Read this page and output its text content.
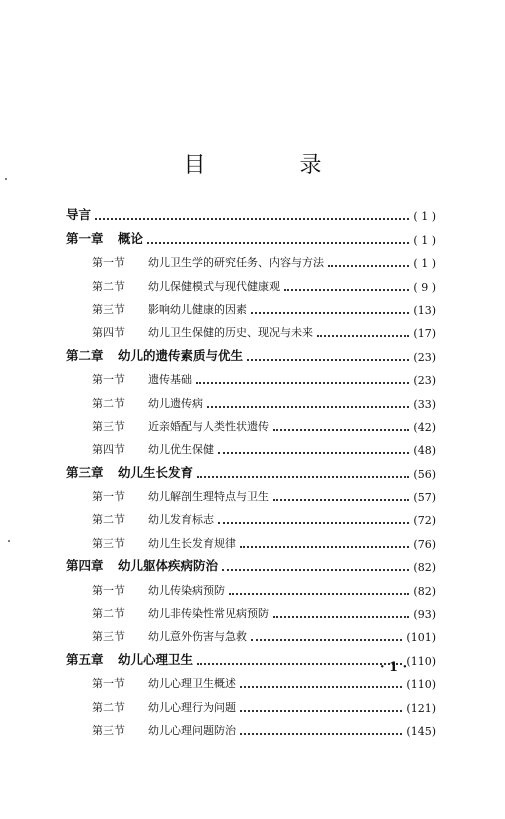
目　录
导言	( 1 )
第一章 概论	( 1 )
第一节 幼儿卫生学的研究任务、内容与方法	( 1 )
第二节 幼儿保健模式与现代健康观	( 9 )
第三节 影响幼儿健康的因素	(13)
第四节 幼儿卫生保健的历史、现况与未来	(17)
第二章 幼儿的遗传素质与优生	(23)
第一节 遗传基础	(23)
第二节 幼儿遗传病	(33)
第三节 近亲婚配与人类性状遗传	(42)
第四节 幼儿优生保健	(48)
第三章 幼儿生长发育	(56)
第一节 幼儿解剖生理特点与卫生	(57)
第二节 幼儿发育标志	(72)
第三节 幼儿生长发育规律	(76)
第四章 幼儿躯体疾病防治	(82)
第一节 幼儿传染病预防	(82)
第二节 幼儿非传染性常见病预防	(93)
第三节 幼儿意外伤害与急救	(101)
第五章 幼儿心理卫生	(110)
第一节 幼儿心理卫生概述	(110)
第二节 幼儿心理行为问题	(121)
第三节 幼儿心理问题防治	(145)
· 1 ·
